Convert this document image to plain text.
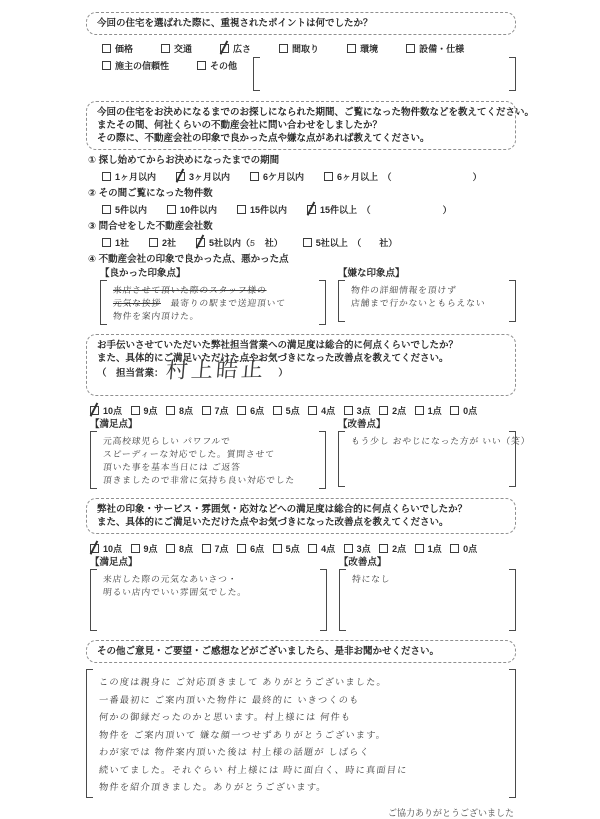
今回の住宅を選ばれた際に、重視されたポイントは何でしたか？
価格	交通	広さ	間取り	環境	設備・仕様
施主の信頼性	その他
今回の住宅をお決めになるまでのお探しになられた期間、ご覧になった物件数などを教えてください。
またその間、何社くらいの不動産会社に問い合わせをしましたか？
その際に、不動産会社の印象で良かった点や嫌な点があれば教えてください。
① 探し始めてからお決めになったまでの期間
1ヶ月以内	3ヶ月以内	6ケ月以内	6ヶ月以上　（ 　　　　　　　　　）
② その間ご覧になった物件数
5件以内	10件以内	15件以内	15件以上 　（　　　　　　　　）
③ 問合せをした不動産会社数
1社	2社	5社以内（ 5 　社）	5社以上　（ 　　社）
④ 不動産会社の印象で良かった点、悪かった点
【良かった印象点】
来店させて頂いた際のスタッフ様の
元気な挨拶　最寄りの駅まで送迎頂いて
物件を案内頂けた。
【嫌な印象点】
物件の詳細情報を頂けず
店舗まで行かないともらえない
お手伝いさせていただいた弊社担当営業への満足度は総合的に何点くらいでしたか？
また、具体的にご満足いただけた点やお気づきになった改善点を教えてください。
（　担当営業： 村上皓正 　）
10点 9点 8点 7点 6点 5点 4点 3点 2点 1点 0点
【満足点】
元高校球児らしい パワフルで
スピーディーな対応でした。質問させて
頂いた事を基本当日には ご返答
頂きましたので非常に気持ち良い対応でした
【改善点】
もう少し おやじになった方が いい（笑）
弊社の印象・サービス・雰囲気・応対などへの満足度は総合的に何点くらいでしたか？
また、具体的にご満足いただけた点やお気づきになった改善点を教えてください。
10点 9点 8点 7点 6点 5点 4点 3点 2点 1点 0点
【満足点】
来店した際の元気なあいさつ・
明るい店内でいい雰囲気でした。
【改善点】
特になし
その他ご意見・ご要望・ご感想などがございましたら、是非お聞かせください。
この度は親身に ご対応頂きまして ありがとうございました。
一番最初に ご案内頂いた物件に 最終的に いきつくのも
何かの御縁だったのかと思います。村上様には 何件も
物件を ご案内頂いて 嫌な顔一つせずありがとうございます。
わが家では 物件案内頂いた後は 村上様の話題が しばらく
続いてました。それぐらい 村上様には 時に面白く、時に真面目に
物件を紹介頂きました。ありがとうございます。
ご協力ありがとうございました
